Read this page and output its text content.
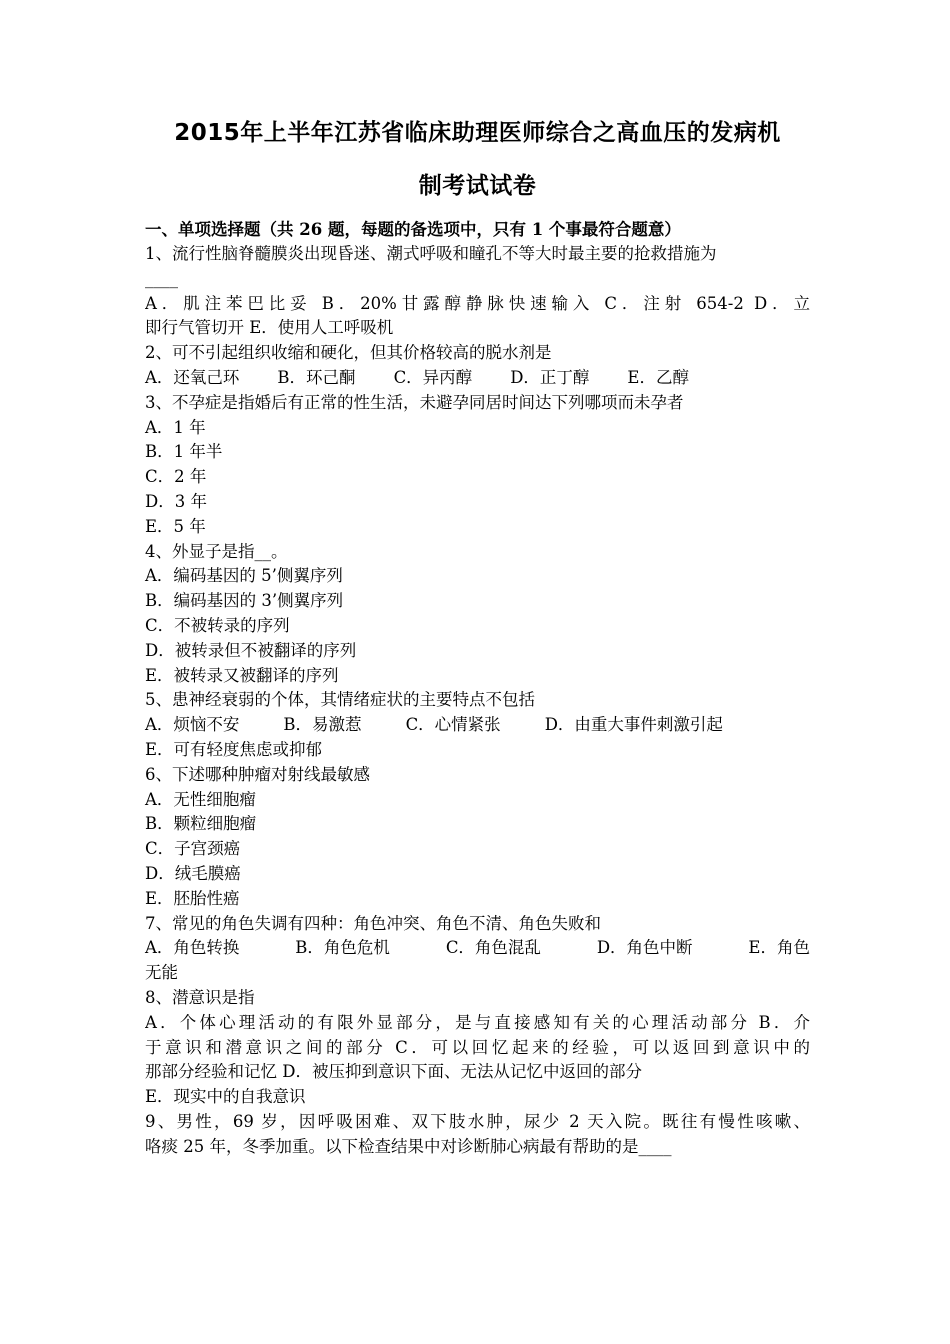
2015年上半年江苏省临床助理医师综合之高血压的发病机
制考试试卷
一、单项选择题（共 26 题，每题的备选项中，只有 1 个事最符合题意）
1、流行性脑脊髓膜炎出现昏迷、潮式呼吸和瞳孔不等大时最主要的抢救措施为
____
A．肌注苯巴比妥 B．20%甘露醇静脉快速输入 C．注射 654-2 D．立
即行气管切开 E．使用人工呼吸机
2、可不引起组织收缩和硬化，但其价格较高的脱水剂是
A．还氧己环 B．环己酮 C．异丙醇 D．正丁醇 E．乙醇
3、不孕症是指婚后有正常的性生活，未避孕同居时间达下列哪项而未孕者
A．1 年
B．1 年半
C．2 年
D．3 年
E．5 年
4、外显子是指__。
A．编码基因的 5’侧翼序列
B．编码基因的 3’侧翼序列
C．不被转录的序列
D．被转录但不被翻译的序列
E．被转录又被翻译的序列
5、患神经衰弱的个体，其情绪症状的主要特点不包括
A．烦恼不安	B．易激惹	C．心情紧张	D．由重大事件刺激引起
E．可有轻度焦虑或抑郁
6、下述哪种肿瘤对射线最敏感
A．无性细胞瘤
B．颗粒细胞瘤
C．子宫颈癌
D．绒毛膜癌
E．胚胎性癌
7、常见的角色失调有四种：角色冲突、角色不清、角色失败和
A．角色转换	B．角色危机	C．角色混乱	D．角色中断	E．角色
无能
8、潜意识是指
A．个体心理活动的有限外显部分，是与直接感知有关的心理活动部分 B．介
于意识和潜意识之间的部分 C．可以回忆起来的经验，可以返回到意识中的
那部分经验和记忆 D．被压抑到意识下面、无法从记忆中返回的部分
E．现实中的自我意识
9、男性，69 岁，因呼吸困难、双下肢水肿，尿少 2 天入院。既往有慢性咳嗽、
咯痰 25 年，冬季加重。以下检查结果中对诊断肺心病最有帮助的是____
